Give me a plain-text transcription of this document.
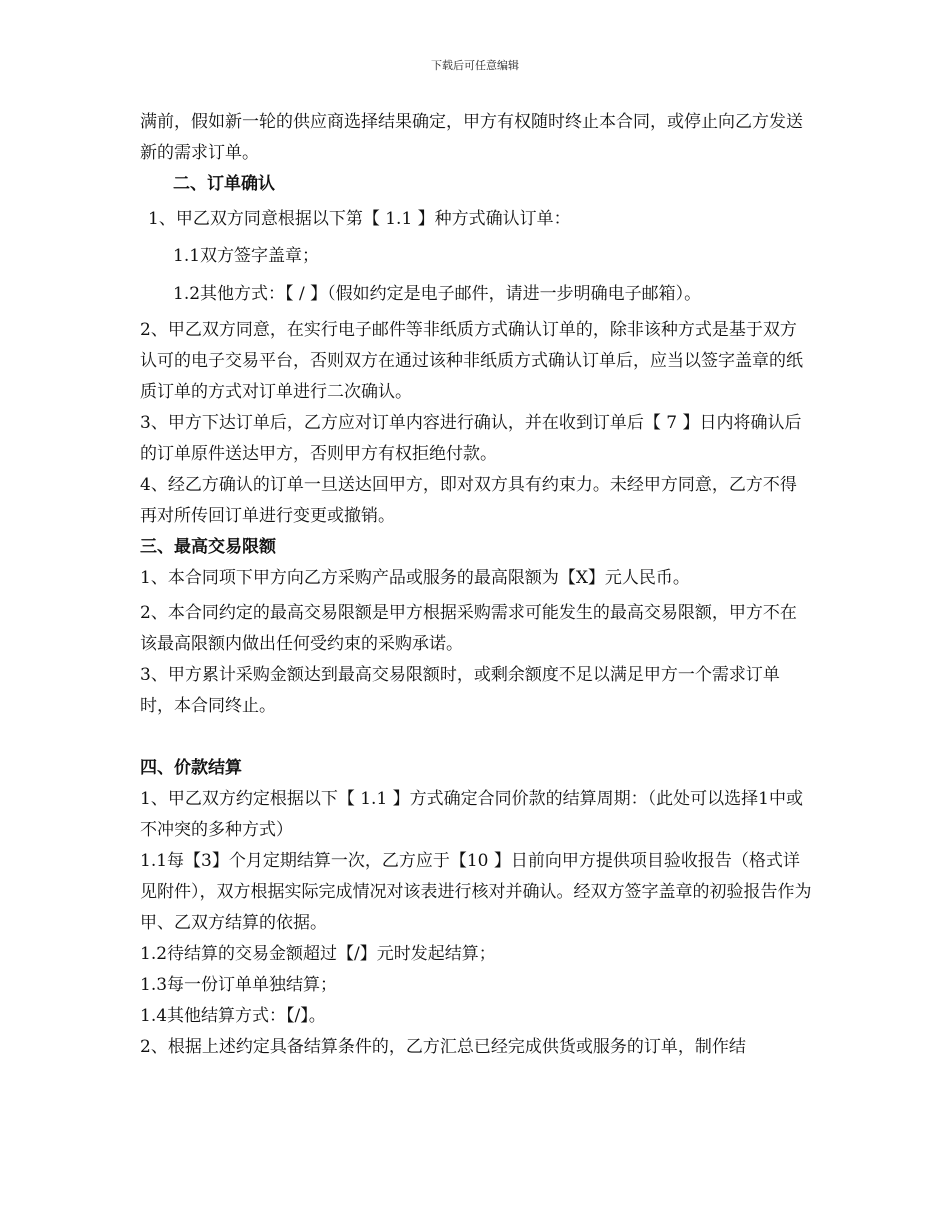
下载后可任意编辑

满前，假如新一轮的供应商选择结果确定，甲方有权随时终止本合同，或停止向乙方发送新的需求订单。

二、订单确认

1、甲乙双方同意根据以下第【 1.1 】种方式确认订单：

1.1双方签字盖章；

1.2其他方式：【 / 】（假如约定是电子邮件，请进一步明确电子邮箱）。

2、甲乙双方同意，在实行电子邮件等非纸质方式确认订单的，除非该种方式是基于双方认可的电子交易平台，否则双方在通过该种非纸质方式确认订单后，应当以签字盖章的纸质订单的方式对订单进行二次确认。

3、甲方下达订单后，乙方应对订单内容进行确认，并在收到订单后【 7 】日内将确认后的订单原件送达甲方，否则甲方有权拒绝付款。

4、经乙方确认的订单一旦送达回甲方，即对双方具有约束力。未经甲方同意，乙方不得再对所传回订单进行变更或撤销。

三、最高交易限额

1、本合同项下甲方向乙方采购产品或服务的最高限额为【X】元人民币。

2、本合同约定的最高交易限额是甲方根据采购需求可能发生的最高交易限额，甲方不在该最高限额内做出任何受约束的采购承诺。

3、甲方累计采购金额达到最高交易限额时，或剩余额度不足以满足甲方一个需求订单时，本合同终止。

四、价款结算

1、甲乙双方约定根据以下【 1.1 】方式确定合同价款的结算周期：（此处可以选择1中或不冲突的多种方式）

1.1每【3】个月定期结算一次，乙方应于【10 】日前向甲方提供项目验收报告（格式详见附件），双方根据实际完成情况对该表进行核对并确认。经双方签字盖章的初验报告作为甲、乙双方结算的依据。

1.2待结算的交易金额超过【/】元时发起结算；

1.3每一份订单单独结算；

1.4其他结算方式：【/】。

2、根据上述约定具备结算条件的，乙方汇总已经完成供货或服务的订单，制作结
